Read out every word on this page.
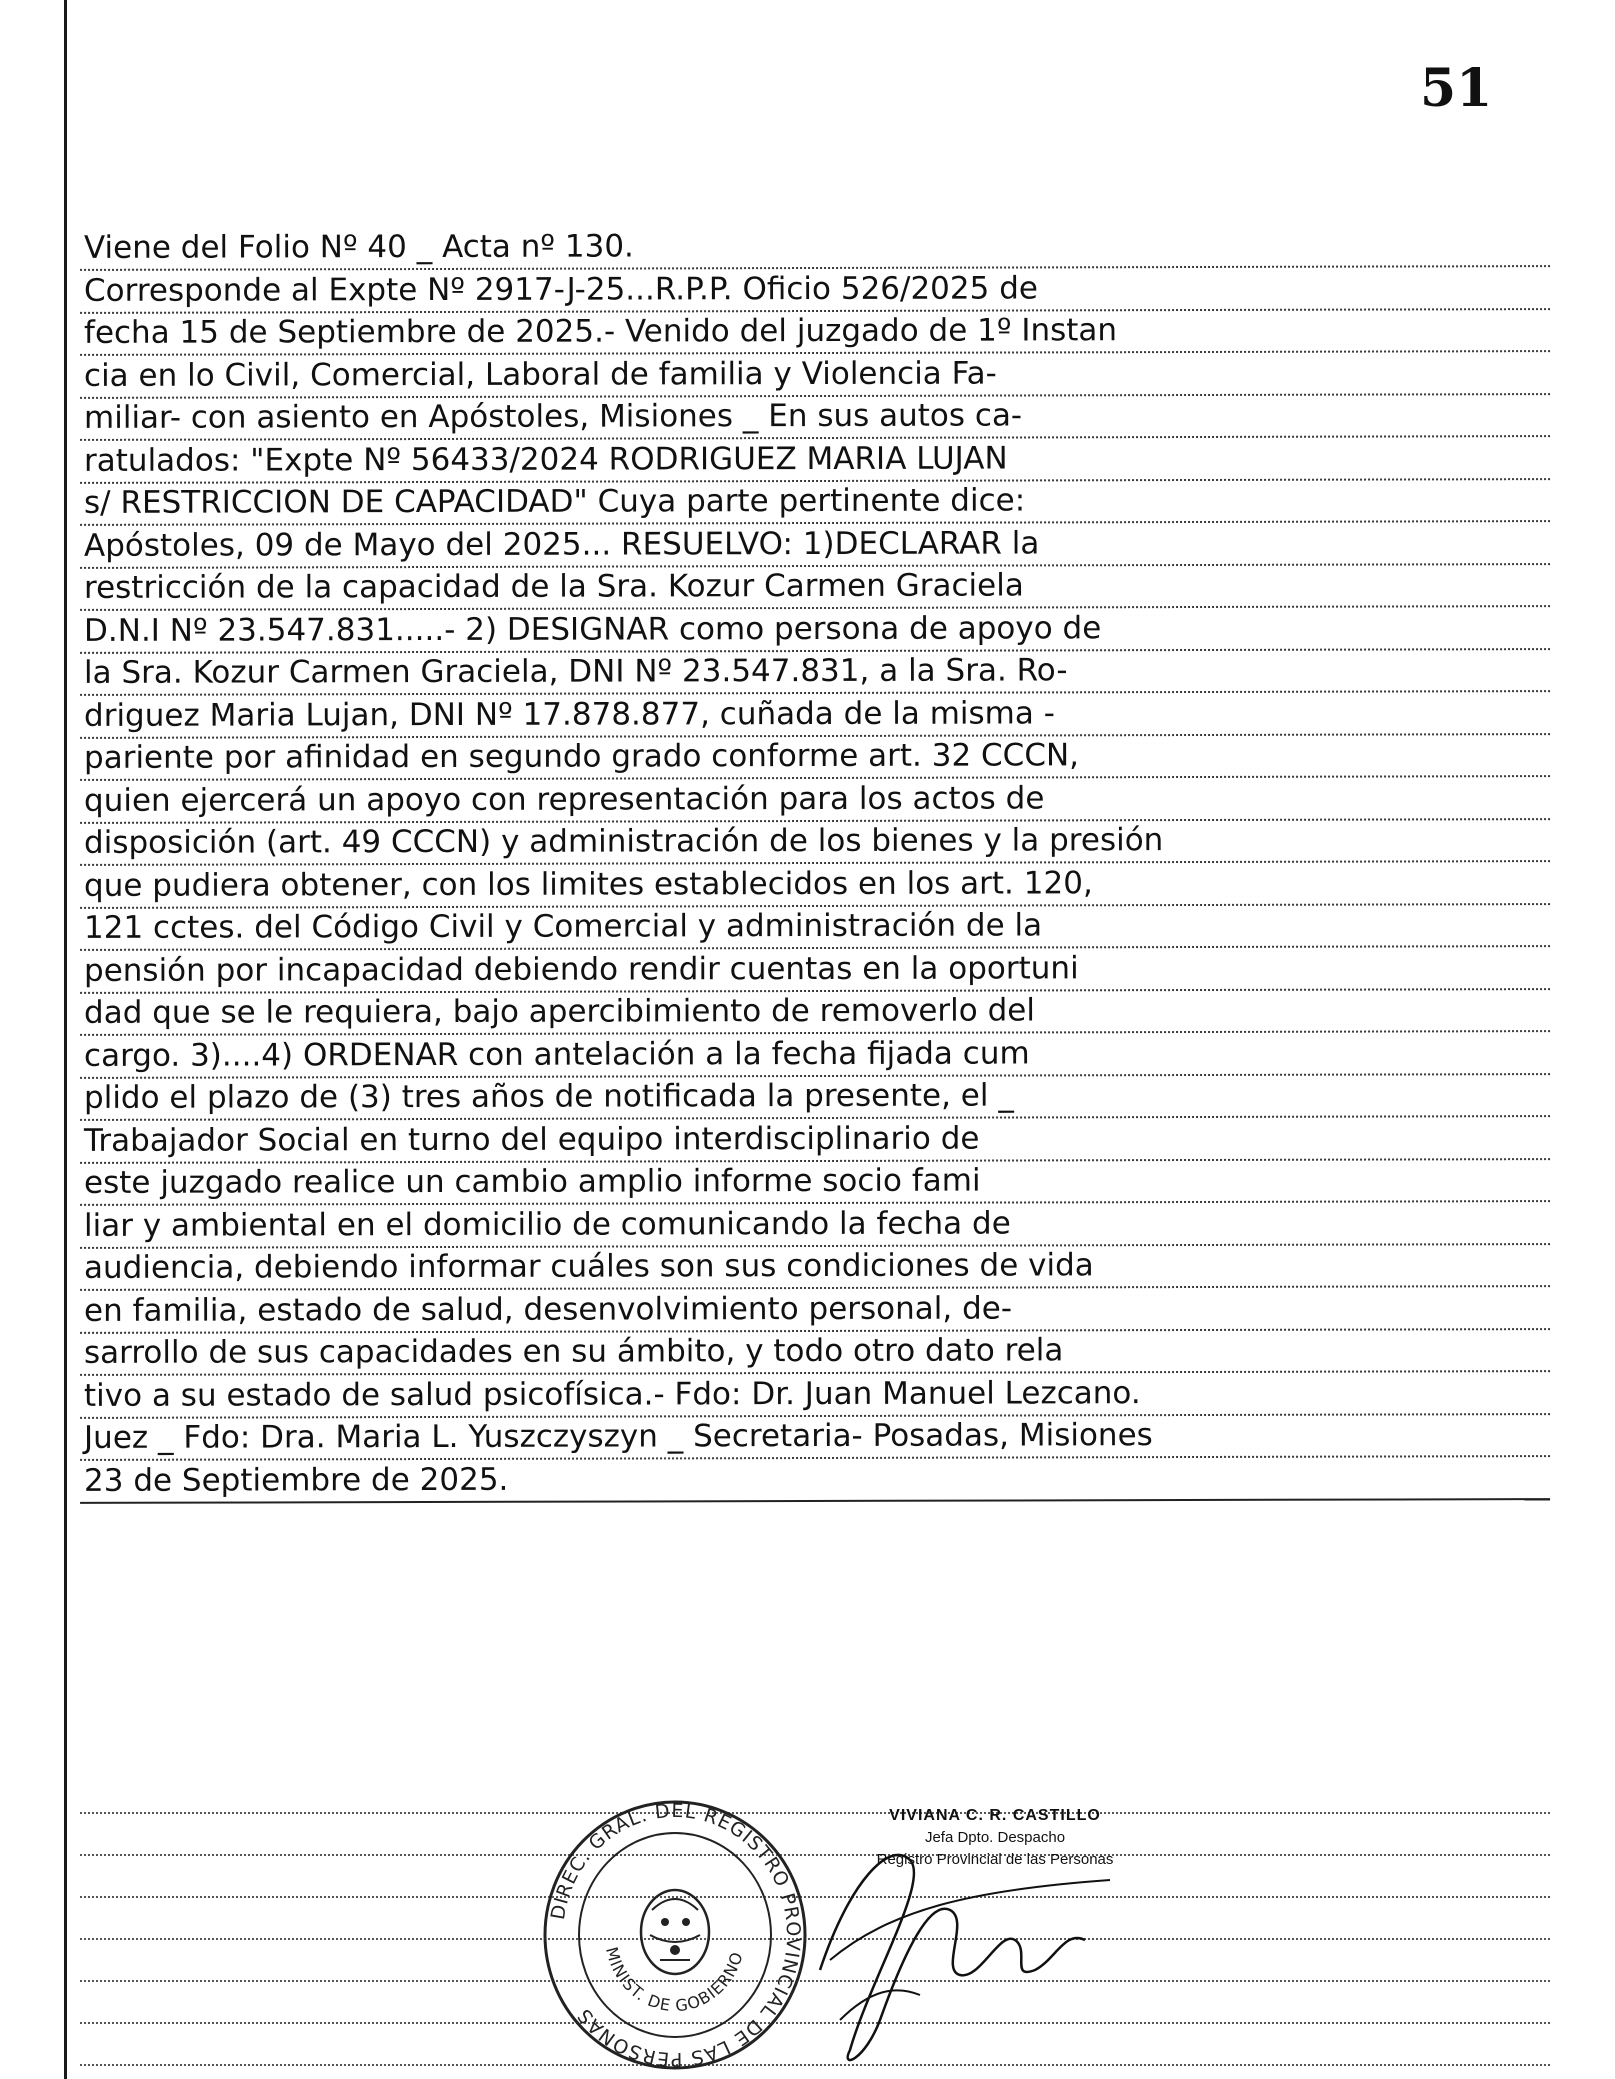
51
Viene del Folio Nº 40 _ Acta nº 130.
Corresponde al Expte Nº 2917-J-25...R.P.P. Oficio 526/2025 de
fecha 15 de Septiembre de 2025.- Venido del juzgado de 1º Instan
cia en lo Civil, Comercial, Laboral de familia y Violencia Fa-
miliar- con asiento en Apóstoles, Misiones _ En sus autos ca-
ratulados: "Expte Nº 56433/2024 RODRIGUEZ MARIA LUJAN
s/ RESTRICCION DE CAPACIDAD" Cuya parte pertinente dice:
Apóstoles, 09 de Mayo del 2025... RESUELVO: 1)DECLARAR la
restricción de la capacidad de la Sra. Kozur Carmen Graciela
D.N.I Nº 23.547.831.....- 2) DESIGNAR como persona de apoyo de
la Sra. Kozur Carmen Graciela, DNI Nº 23.547.831, a la Sra. Ro-
driguez Maria Lujan, DNI Nº 17.878.877, cuñada de la misma -
pariente por afinidad en segundo grado conforme art. 32 CCCN,
quien ejercerá un apoyo con representación para los actos de
disposición (art. 49 CCCN) y administración de los bienes y la presión
que pudiera obtener, con los limites establecidos en los art. 120,
121 cctes. del Código Civil y Comercial y administración de la
pensión por incapacidad debiendo rendir cuentas en la oportuni
dad que se le requiera, bajo apercibimiento de removerlo del
cargo. 3)....4) ORDENAR con antelación a la fecha fijada cum
plido el plazo de (3) tres años de notificada la presente, el _
Trabajador Social en turno del equipo interdisciplinario de
este juzgado realice un cambio amplio informe socio fami
liar y ambiental en el domicilio de comunicando la fecha de
audiencia, debiendo informar cuáles son sus condiciones de vida
en familia, estado de salud, desenvolvimiento personal, de-
sarrollo de sus capacidades en su ámbito, y todo otro dato rela
tivo a su estado de salud psicofísica.- Fdo: Dr. Juan Manuel Lezcano.
Juez _ Fdo: Dra. Maria L. Yuszczyszyn _ Secretaria- Posadas, Misiones
23 de Septiembre de 2025.
DIREC. GRAL. DEL REGISTRO PROVINCIAL DE LAS PERSONAS
MINIST. DE GOBIERNO
VIVIANA C. R. CASTILLO
Jefa Dpto. Despacho
Registro Provincial de las Personas
